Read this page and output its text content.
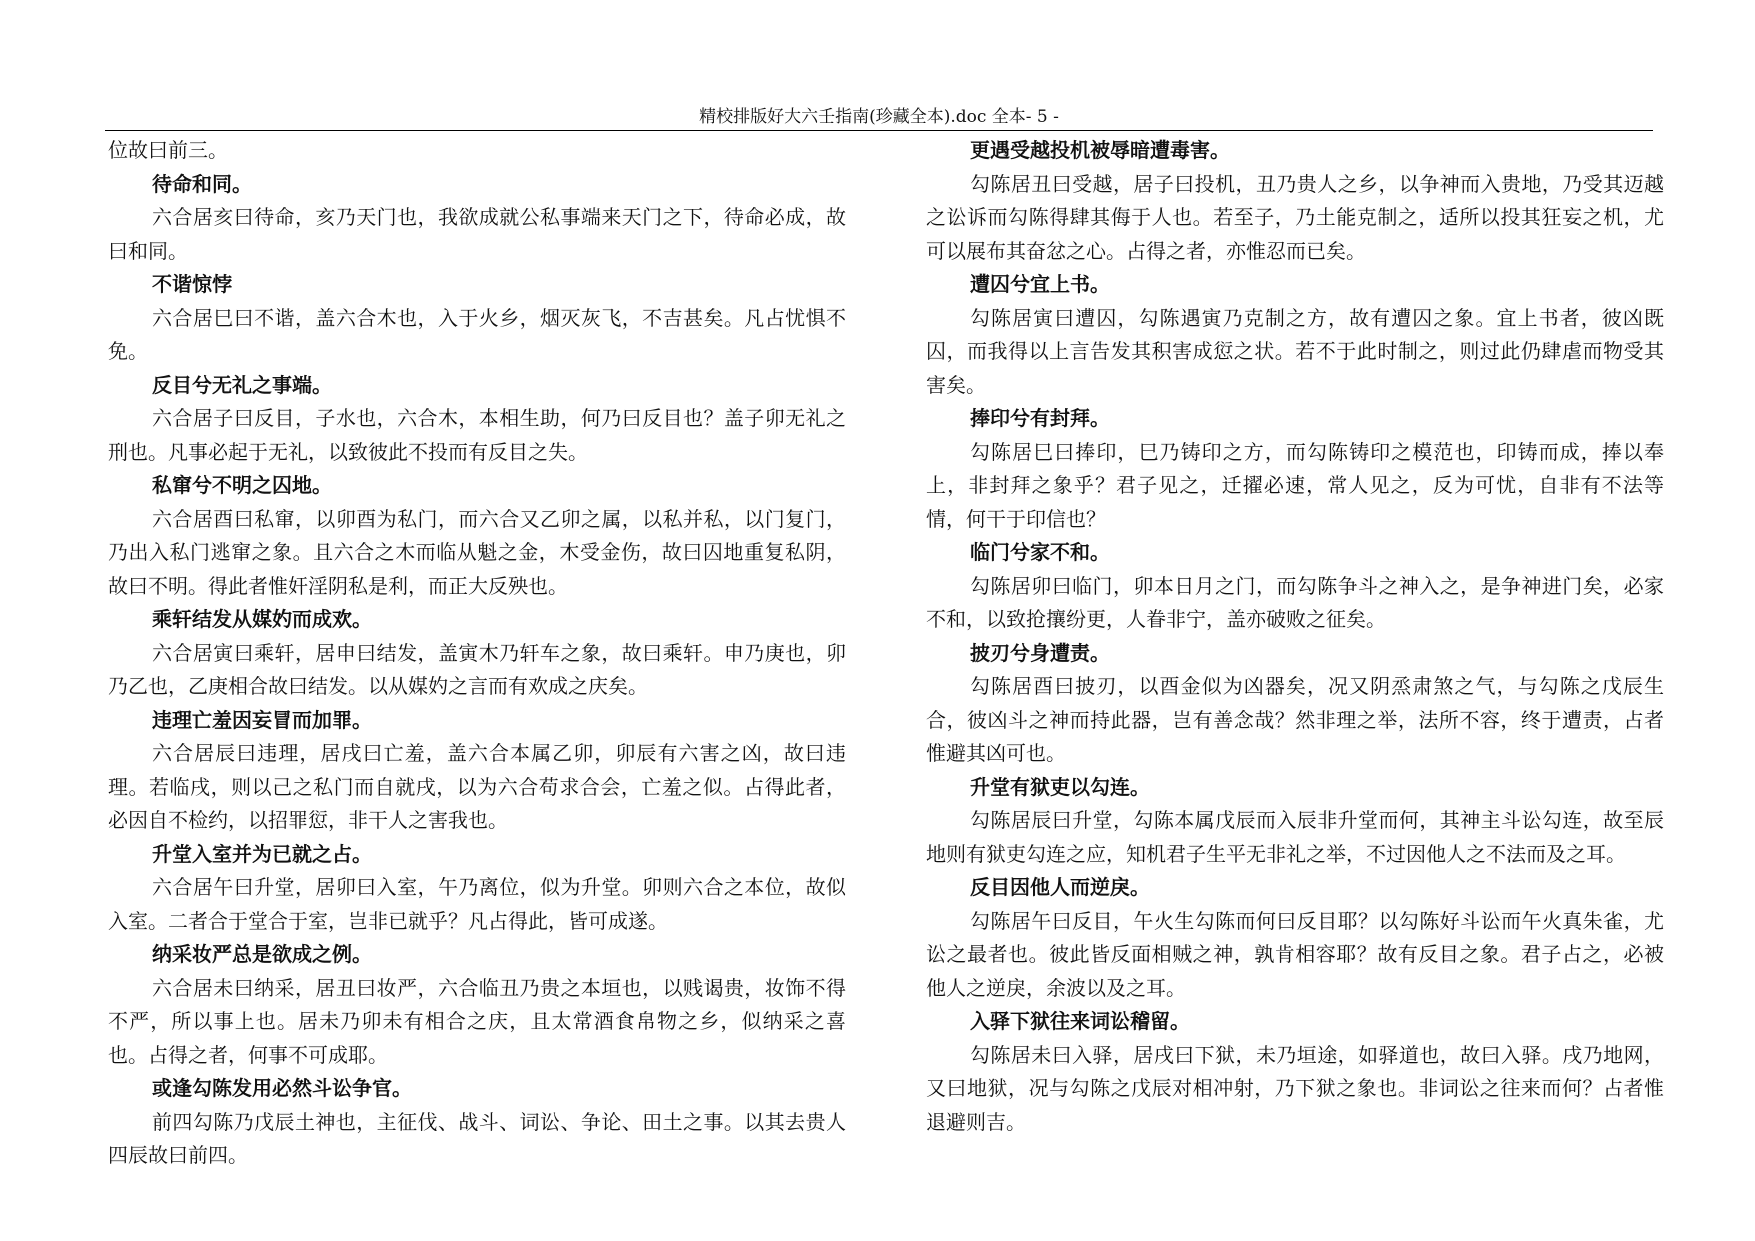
精校排版好大六壬指南(珍藏全本).doc 全本- 5 -

位故曰前三。

待命和同。

六合居亥曰待命，亥乃天门也，我欲成就公私事端来天门之下，待命必成，故曰和同。

不谐惊悖

六合居巳曰不谐，盖六合木也，入于火乡，烟灭灰飞，不吉甚矣。凡占忧惧不免。

反目兮无礼之事端。

六合居子曰反目，子水也，六合木，本相生助，何乃曰反目也？盖子卯无礼之刑也。凡事必起于无礼，以致彼此不投而有反目之失。

私窜兮不明之囚地。

六合居酉曰私窜，以卯酉为私门，而六合又乙卯之属，以私并私，以门复门，乃出入私门逃窜之象。且六合之木而临从魁之金，木受金伤，故曰囚地重复私阴，故曰不明。得此者惟奸淫阴私是利，而正大反殃也。

乘轩结发从媒妁而成欢。

六合居寅曰乘轩，居申曰结发，盖寅木乃轩车之象，故曰乘轩。申乃庚也，卯乃乙也，乙庚相合故曰结发。以从媒妁之言而有欢成之庆矣。

违理亡羞因妄冒而加罪。

六合居辰曰违理，居戌曰亡羞，盖六合本属乙卯，卯辰有六害之凶，故曰违理。若临戌，则以己之私门而自就戌，以为六合苟求合会，亡羞之似。占得此者，必因自不检约，以招罪愆，非干人之害我也。

升堂入室并为已就之占。

六合居午曰升堂，居卯曰入室，午乃离位，似为升堂。卯则六合之本位，故似入室。二者合于堂合于室，岂非已就乎？凡占得此，皆可成遂。

纳采妆严总是欲成之例。

六合居未曰纳采，居丑曰妆严，六合临丑乃贵之本垣也，以贱谒贵，妆饰不得不严，所以事上也。居未乃卯未有相合之庆，且太常酒食帛物之乡，似纳采之喜也。占得之者，何事不可成耶。

或逢勾陈发用必然斗讼争官。

前四勾陈乃戊辰土神也，主征伐、战斗、词讼、争论、田土之事。以其去贵人四辰故曰前四。

更遇受越投机被辱暗遭毒害。

勾陈居丑曰受越，居子曰投机，丑乃贵人之乡，以争神而入贵地，乃受其迈越之讼诉而勾陈得肆其侮于人也。若至子，乃土能克制之，适所以投其狂妄之机，尤可以展布其奋忿之心。占得之者，亦惟忍而已矣。

遭囚兮宜上书。

勾陈居寅曰遭囚，勾陈遇寅乃克制之方，故有遭囚之象。宜上书者，彼凶既囚，而我得以上言告发其积害成愆之状。若不于此时制之，则过此仍肆虐而物受其害矣。

捧印兮有封拜。

勾陈居巳曰捧印，巳乃铸印之方，而勾陈铸印之模范也，印铸而成，捧以奉上，非封拜之象乎？君子见之，迁擢必速，常人见之，反为可忧，自非有不法等情，何干于印信也？

临门兮家不和。

勾陈居卯曰临门，卯本日月之门，而勾陈争斗之神入之，是争神进门矣，必家不和，以致抢攘纷更，人眷非宁，盖亦破败之征矣。

披刃兮身遭责。

勾陈居酉曰披刃，以酉金似为凶器矣，况又阴烝肃煞之气，与勾陈之戊辰生合，彼凶斗之神而持此器，岂有善念哉？然非理之举，法所不容，终于遭责，占者惟避其凶可也。

升堂有狱吏以勾连。

勾陈居辰曰升堂，勾陈本属戊辰而入辰非升堂而何，其神主斗讼勾连，故至辰地则有狱吏勾连之应，知机君子生平无非礼之举，不过因他人之不法而及之耳。

反目因他人而逆戾。

勾陈居午曰反目，午火生勾陈而何曰反目耶？以勾陈好斗讼而午火真朱雀，尤讼之最者也。彼此皆反面相贼之神，孰肯相容耶？故有反目之象。君子占之，必被他人之逆戾，余波以及之耳。

入驿下狱往来词讼稽留。

勾陈居未曰入驿，居戌曰下狱，未乃垣途，如驿道也，故曰入驿。戌乃地网，又曰地狱，况与勾陈之戊辰对相冲射，乃下狱之象也。非词讼之往来而何？占者惟退避则吉。
